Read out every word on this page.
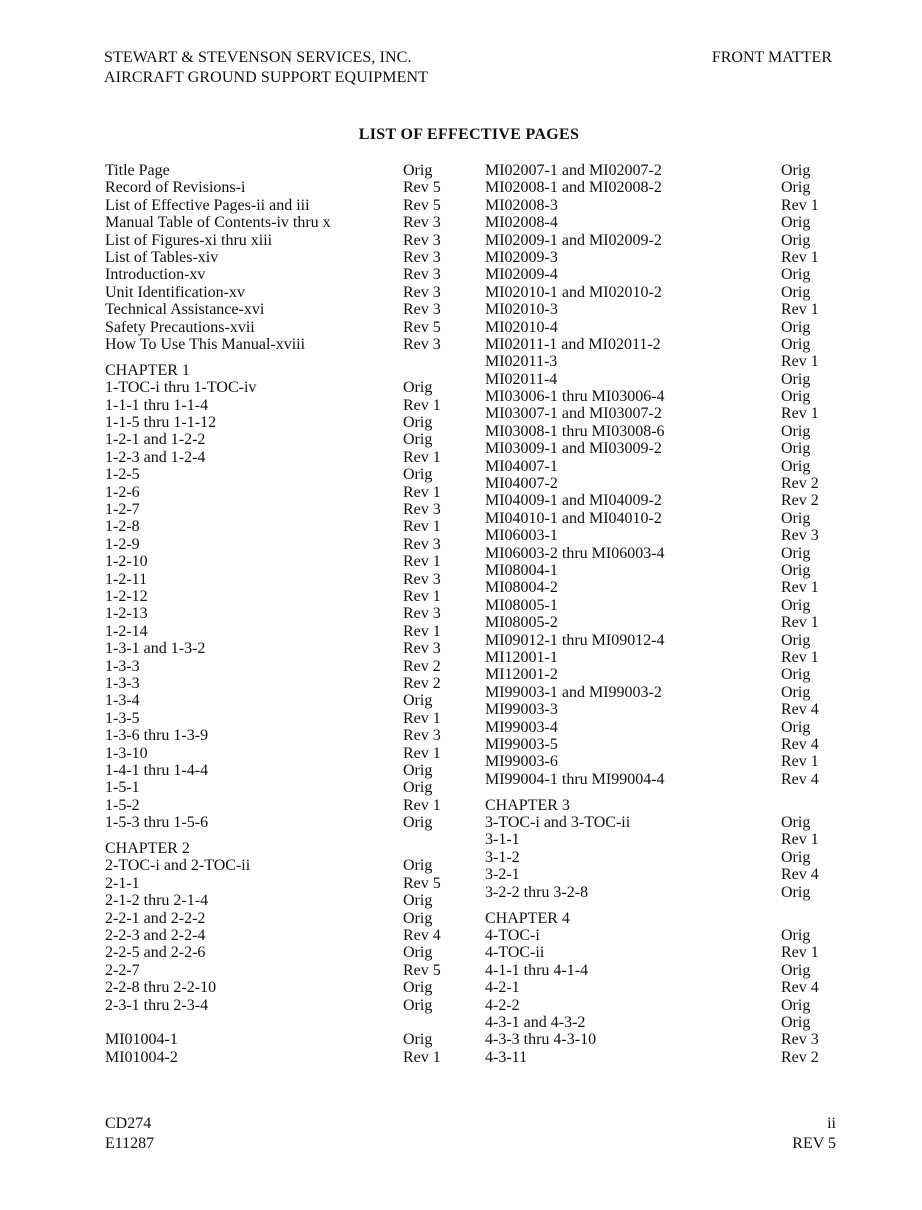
STEWART & STEVENSON SERVICES, INC.
AIRCRAFT GROUND SUPPORT EQUIPMENT
FRONT MATTER
LIST OF EFFECTIVE PAGES
Title Page	Orig
Record of Revisions-i	Rev 5
List of Effective Pages-ii and iii	Rev 5
Manual Table of Contents-iv thru x	Rev 3
List of Figures-xi thru xiii	Rev 3
List of Tables-xiv	Rev 3
Introduction-xv	Rev 3
Unit Identification-xv	Rev 3
Technical Assistance-xvi	Rev 3
Safety Precautions-xvii	Rev 5
How To Use This Manual-xviii	Rev 3
CHAPTER 1
1-TOC-i thru 1-TOC-iv	Orig
1-1-1 thru 1-1-4	Rev 1
1-1-5 thru 1-1-12	Orig
1-2-1 and 1-2-2	Orig
1-2-3 and 1-2-4	Rev 1
1-2-5	Orig
1-2-6	Rev 1
1-2-7	Rev 3
1-2-8	Rev 1
1-2-9	Rev 3
1-2-10	Rev 1
1-2-11	Rev 3
1-2-12	Rev 1
1-2-13	Rev 3
1-2-14	Rev 1
1-3-1 and 1-3-2	Rev 3
1-3-3	Rev 2
1-3-3	Rev 2
1-3-4	Orig
1-3-5	Rev 1
1-3-6 thru 1-3-9	Rev 3
1-3-10	Rev 1
1-4-1 thru 1-4-4	Orig
1-5-1	Orig
1-5-2	Rev 1
1-5-3 thru 1-5-6	Orig
CHAPTER 2
2-TOC-i and 2-TOC-ii	Orig
2-1-1	Rev 5
2-1-2 thru 2-1-4	Orig
2-2-1 and 2-2-2	Orig
2-2-3 and 2-2-4	Rev 4
2-2-5 and 2-2-6	Orig
2-2-7	Rev 5
2-2-8 thru 2-2-10	Orig
2-3-1 thru 2-3-4	Orig
MI01004-1	Orig
MI01004-2	Rev 1
MI02007-1 and MI02007-2	Orig
MI02008-1 and MI02008-2	Orig
MI02008-3	Rev 1
MI02008-4	Orig
MI02009-1 and MI02009-2	Orig
MI02009-3	Rev 1
MI02009-4	Orig
MI02010-1 and MI02010-2	Orig
MI02010-3	Rev 1
MI02010-4	Orig
MI02011-1 and MI02011-2	Orig
MI02011-3	Rev 1
MI02011-4	Orig
MI03006-1 thru MI03006-4	Orig
MI03007-1 and MI03007-2	Rev 1
MI03008-1 thru MI03008-6	Orig
MI03009-1 and MI03009-2	Orig
MI04007-1	Orig
MI04007-2	Rev 2
MI04009-1 and MI04009-2	Rev 2
MI04010-1 and MI04010-2	Orig
MI06003-1	Rev 3
MI06003-2 thru MI06003-4	Orig
MI08004-1	Orig
MI08004-2	Rev 1
MI08005-1	Orig
MI08005-2	Rev 1
MI09012-1 thru MI09012-4	Orig
MI12001-1	Rev 1
MI12001-2	Orig
MI99003-1 and MI99003-2	Orig
MI99003-3	Rev 4
MI99003-4	Orig
MI99003-5	Rev 4
MI99003-6	Rev 1
MI99004-1 thru MI99004-4	Rev 4
CHAPTER 3
3-TOC-i and 3-TOC-ii	Orig
3-1-1	Rev 1
3-1-2	Orig
3-2-1	Rev 4
3-2-2 thru 3-2-8	Orig
CHAPTER 4
4-TOC-i	Orig
4-TOC-ii	Rev 1
4-1-1 thru 4-1-4	Orig
4-2-1	Rev 4
4-2-2	Orig
4-3-1 and 4-3-2	Orig
4-3-3 thru 4-3-10	Rev 3
4-3-11	Rev 2
CD274
E11287
ii
REV 5
